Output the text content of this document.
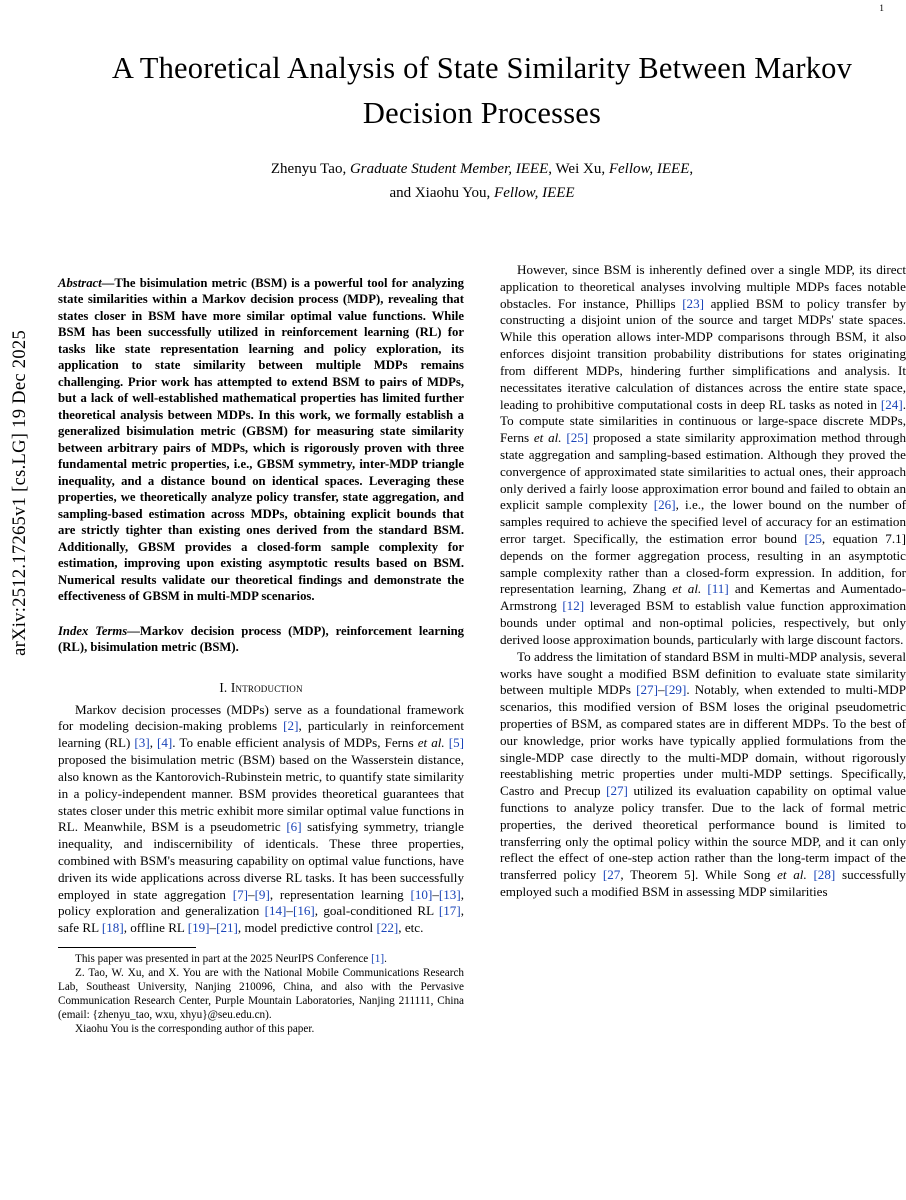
1
arXiv:2512.17265v1 [cs.LG] 19 Dec 2025
A Theoretical Analysis of State Similarity Between Markov Decision Processes
Zhenyu Tao, Graduate Student Member, IEEE, Wei Xu, Fellow, IEEE,
and Xiaohu You, Fellow, IEEE

Abstract—The bisimulation metric (BSM) is a powerful tool for analyzing state similarities within a Markov decision process (MDP), revealing that states closer in BSM have more similar optimal value functions. While BSM has been successfully utilized in reinforcement learning (RL) for tasks like state representation learning and policy exploration, its application to state similarity between multiple MDPs remains challenging. Prior work has attempted to extend BSM to pairs of MDPs, but a lack of well-established mathematical properties has limited further theoretical analysis between MDPs. In this work, we formally establish a generalized bisimulation metric (GBSM) for measuring state similarity between arbitrary pairs of MDPs, which is rigorously proven with three fundamental metric properties, i.e., GBSM symmetry, inter-MDP triangle inequality, and a distance bound on identical spaces. Leveraging these properties, we theoretically analyze policy transfer, state aggregation, and sampling-based estimation across MDPs, obtaining explicit bounds that are strictly tighter than existing ones derived from the standard BSM. Additionally, GBSM provides a closed-form sample complexity for estimation, improving upon existing asymptotic results based on BSM. Numerical results validate our theoretical findings and demonstrate the effectiveness of GBSM in multi-MDP scenarios.

Index Terms—Markov decision process (MDP), reinforcement learning (RL), bisimulation metric (BSM).

I. Introduction

Markov decision processes (MDPs) serve as a foundational framework for modeling decision-making problems [2], particularly in reinforcement learning (RL) [3], [4]. To enable efficient analysis of MDPs, Ferns et al. [5] proposed the bisimulation metric (BSM) based on the Wasserstein distance, also known as the Kantorovich-Rubinstein metric, to quantify state similarity in a policy-independent manner. BSM provides theoretical guarantees that states closer under this metric exhibit more similar optimal value functions in RL. Meanwhile, BSM is a pseudometric [6] satisfying symmetry, triangle inequality, and indiscernibility of identicals. These three properties, combined with BSM's measuring capability on optimal value functions, have driven its wide applications across diverse RL tasks. It has been successfully employed in state aggregation [7]–[9], representation learning [10]–[13], policy exploration and generalization [14]–[16], goal-conditioned RL [17], safe RL [18], offline RL [19]–[21], model predictive control [22], etc.

This paper was presented in part at the 2025 NeurIPS Conference [1].
Z. Tao, W. Xu, and X. You are with the National Mobile Communications Research Lab, Southeast University, Nanjing 210096, China, and also with the Pervasive Communication Research Center, Purple Mountain Laboratories, Nanjing 211111, China (email: {zhenyu_tao, wxu, xhyu}@seu.edu.cn).
Xiaohu You is the corresponding author of this paper.

However, since BSM is inherently defined over a single MDP, its direct application to theoretical analyses involving multiple MDPs faces notable obstacles. For instance, Phillips [23] applied BSM to policy transfer by constructing a disjoint union of the source and target MDPs' state spaces. While this operation allows inter-MDP comparisons through BSM, it also enforces disjoint transition probability distributions for states originating from different MDPs, hindering further simplifications and analysis. It necessitates iterative calculation of distances across the entire state space, leading to prohibitive computational costs in deep RL tasks as noted in [24]. To compute state similarities in continuous or large-space discrete MDPs, Ferns et al. [25] proposed a state similarity approximation method through state aggregation and sampling-based estimation. Although they proved the convergence of approximated state similarities to actual ones, their approach only derived a fairly loose approximation error bound and failed to obtain an explicit sample complexity [26], i.e., the lower bound on the number of samples required to achieve the specified level of accuracy for an estimation error target. Specifically, the estimation error bound [25, equation 7.1] depends on the former aggregation process, resulting in an asymptotic sample complexity rather than a closed-form expression. In addition, for representation learning, Zhang et al. [11] and Kemertas and Aumentado-Armstrong [12] leveraged BSM to establish value function approximation bounds under optimal and non-optimal policies, respectively, but only derived loose approximation bounds, particularly with large discount factors.

To address the limitation of standard BSM in multi-MDP analysis, several works have sought a modified BSM definition to evaluate state similarity between multiple MDPs [27]–[29]. Notably, when extended to multi-MDP scenarios, this modified version of BSM loses the original pseudometric properties of BSM, as compared states are in different MDPs. To the best of our knowledge, prior works have typically applied formulations from the single-MDP case directly to the multi-MDP domain, without rigorously reestablishing metric properties under multi-MDP settings. Specifically, Castro and Precup [27] utilized its evaluation capability on optimal value functions to analyze policy transfer. Due to the lack of formal metric properties, the derived theoretical performance bound is limited to transferring only the optimal policy within the source MDP, and it can only reflect the effect of one-step action rather than the long-term impact of the transferred policy [27, Theorem 5]. While Song et al. [28] successfully employed such a modified BSM in assessing MDP similarities
